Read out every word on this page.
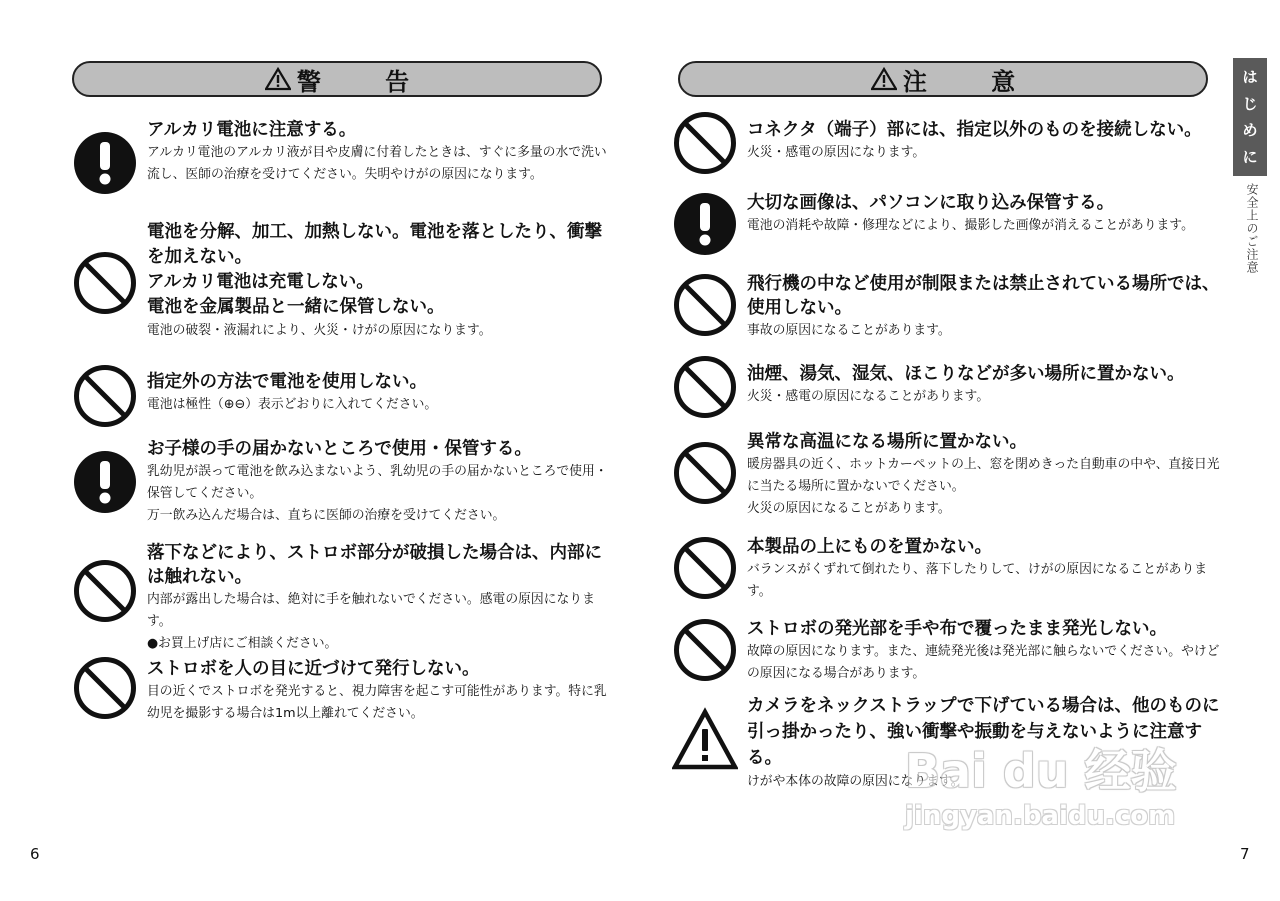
警 告

アルカリ電池に注意する。

アルカリ電池のアルカリ液が目や皮膚に付着したときは、すぐに多量の水で洗い流し、医師の治療を受けてください。失明やけがの原因になります。

電池を分解、加工、加熱しない。電池を落としたり、衝撃を加えない。
アルカリ電池は充電しない。
電池を金属製品と一緒に保管しない。

電池の破裂・液漏れにより、火災・けがの原因になります。

指定外の方法で電池を使用しない。

電池は極性（⊕⊖）表示どおりに入れてください。

お子様の手の届かないところで使用・保管する。

乳幼児が誤って電池を飲み込まないよう、乳幼児の手の届かないところで使用・保管してください。

万一飲み込んだ場合は、直ちに医師の治療を受けてください。

落下などにより、ストロボ部分が破損した場合は、内部には触れない。

内部が露出した場合は、絶対に手を触れないでください。感電の原因になります。

●お買上げ店にご相談ください。

ストロボを人の目に近づけて発行しない。

目の近くでストロボを発光すると、視力障害を起こす可能性があります。特に乳幼児を撮影する場合は1m以上離れてください。

6
注 意

コネクタ（端子）部には、指定以外のものを接続しない。

火災・感電の原因になります。

大切な画像は、パソコンに取り込み保管する。

電池の消耗や故障・修理などにより、撮影した画像が消えることがあります。

飛行機の中など使用が制限または禁止されている場所では、使用しない。

事故の原因になることがあります。

油煙、湯気、湿気、ほこりなどが多い場所に置かない。

火災・感電の原因になることがあります。

異常な高温になる場所に置かない。

暖房器具の近く、ホットカーペットの上、窓を閉めきった自動車の中や、直接日光に当たる場所に置かないでください。

火災の原因になることがあります。

本製品の上にものを置かない。

バランスがくずれて倒れたり、落下したりして、けがの原因になることがあります。

ストロボの発光部を手や布で覆ったまま発光しない。

故障の原因になります。また、連続発光後は発光部に触らないでください。やけどの原因になる場合があります。

カメラをネックストラップで下げている場合は、他のものに引っ掛かったり、強い衝撃や振動を与えないように注意する。

けがや本体の故障の原因になります。

7
は
じ
め
に
安全上のご注意
Bai du 经验
jingyan.baidu.com
